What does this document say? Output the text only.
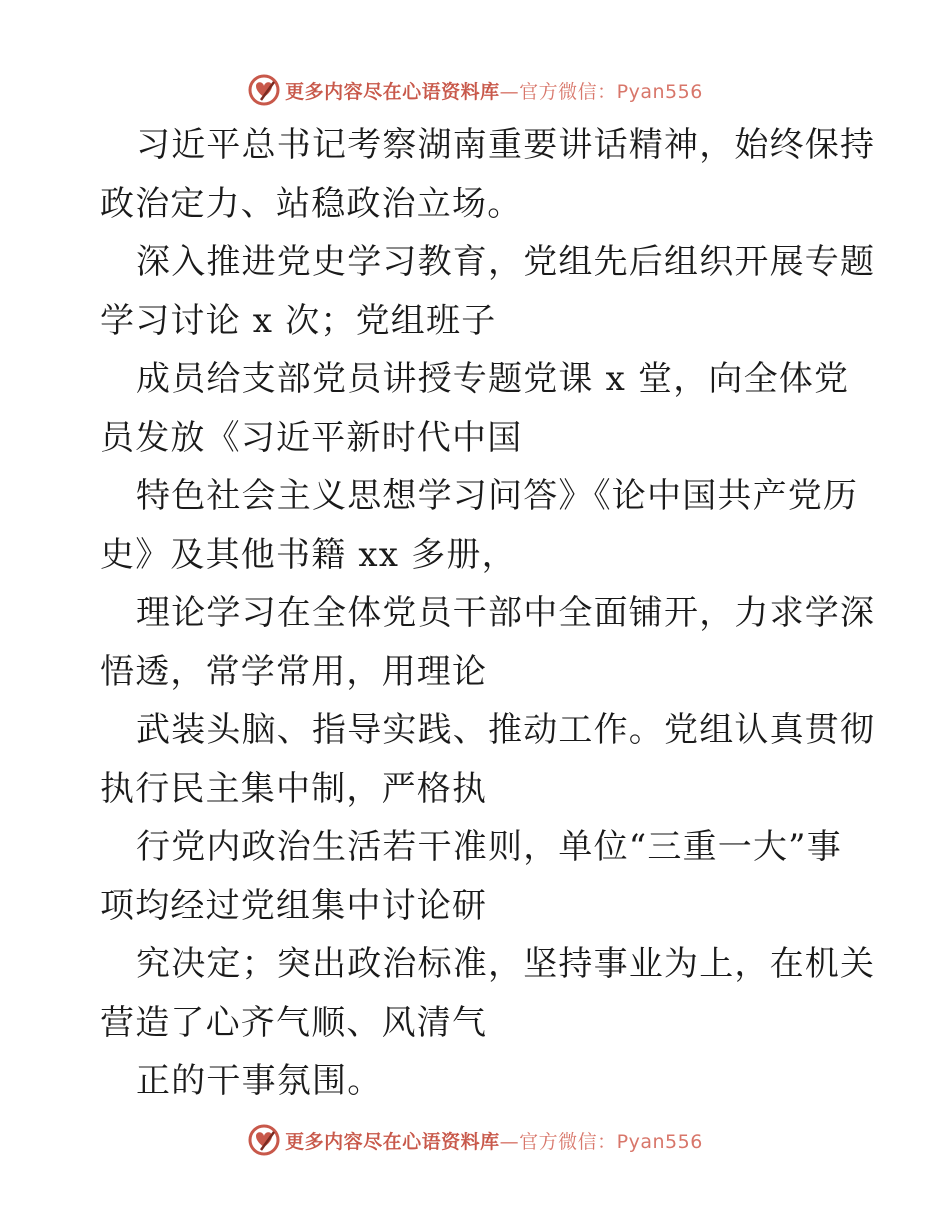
更多内容尽在心语资料库 —官方微信：Pyan556
习近平总书记考察湖南重要讲话精神，始终保持
政治定力、站稳政治立场。
深入推进党史学习教育，党组先后组织开展专题
学习讨论 x 次；党组班子
成员给支部党员讲授专题党课 x 堂，向全体党
员发放《习近平新时代中国
特色社会主义思想学习问答》《论中国共产党历
史》及其他书籍 xx 多册，
理论学习在全体党员干部中全面铺开，力求学深
悟透，常学常用，用理论
武装头脑、指导实践、推动工作。党组认真贯彻
执行民主集中制，严格执
行党内政治生活若干准则，单位“三重一大”事
项均经过党组集中讨论研
究决定；突出政治标准，坚持事业为上，在机关
营造了心齐气顺、风清气
正的干事氛围。
更多内容尽在心语资料库 —官方微信：Pyan556
